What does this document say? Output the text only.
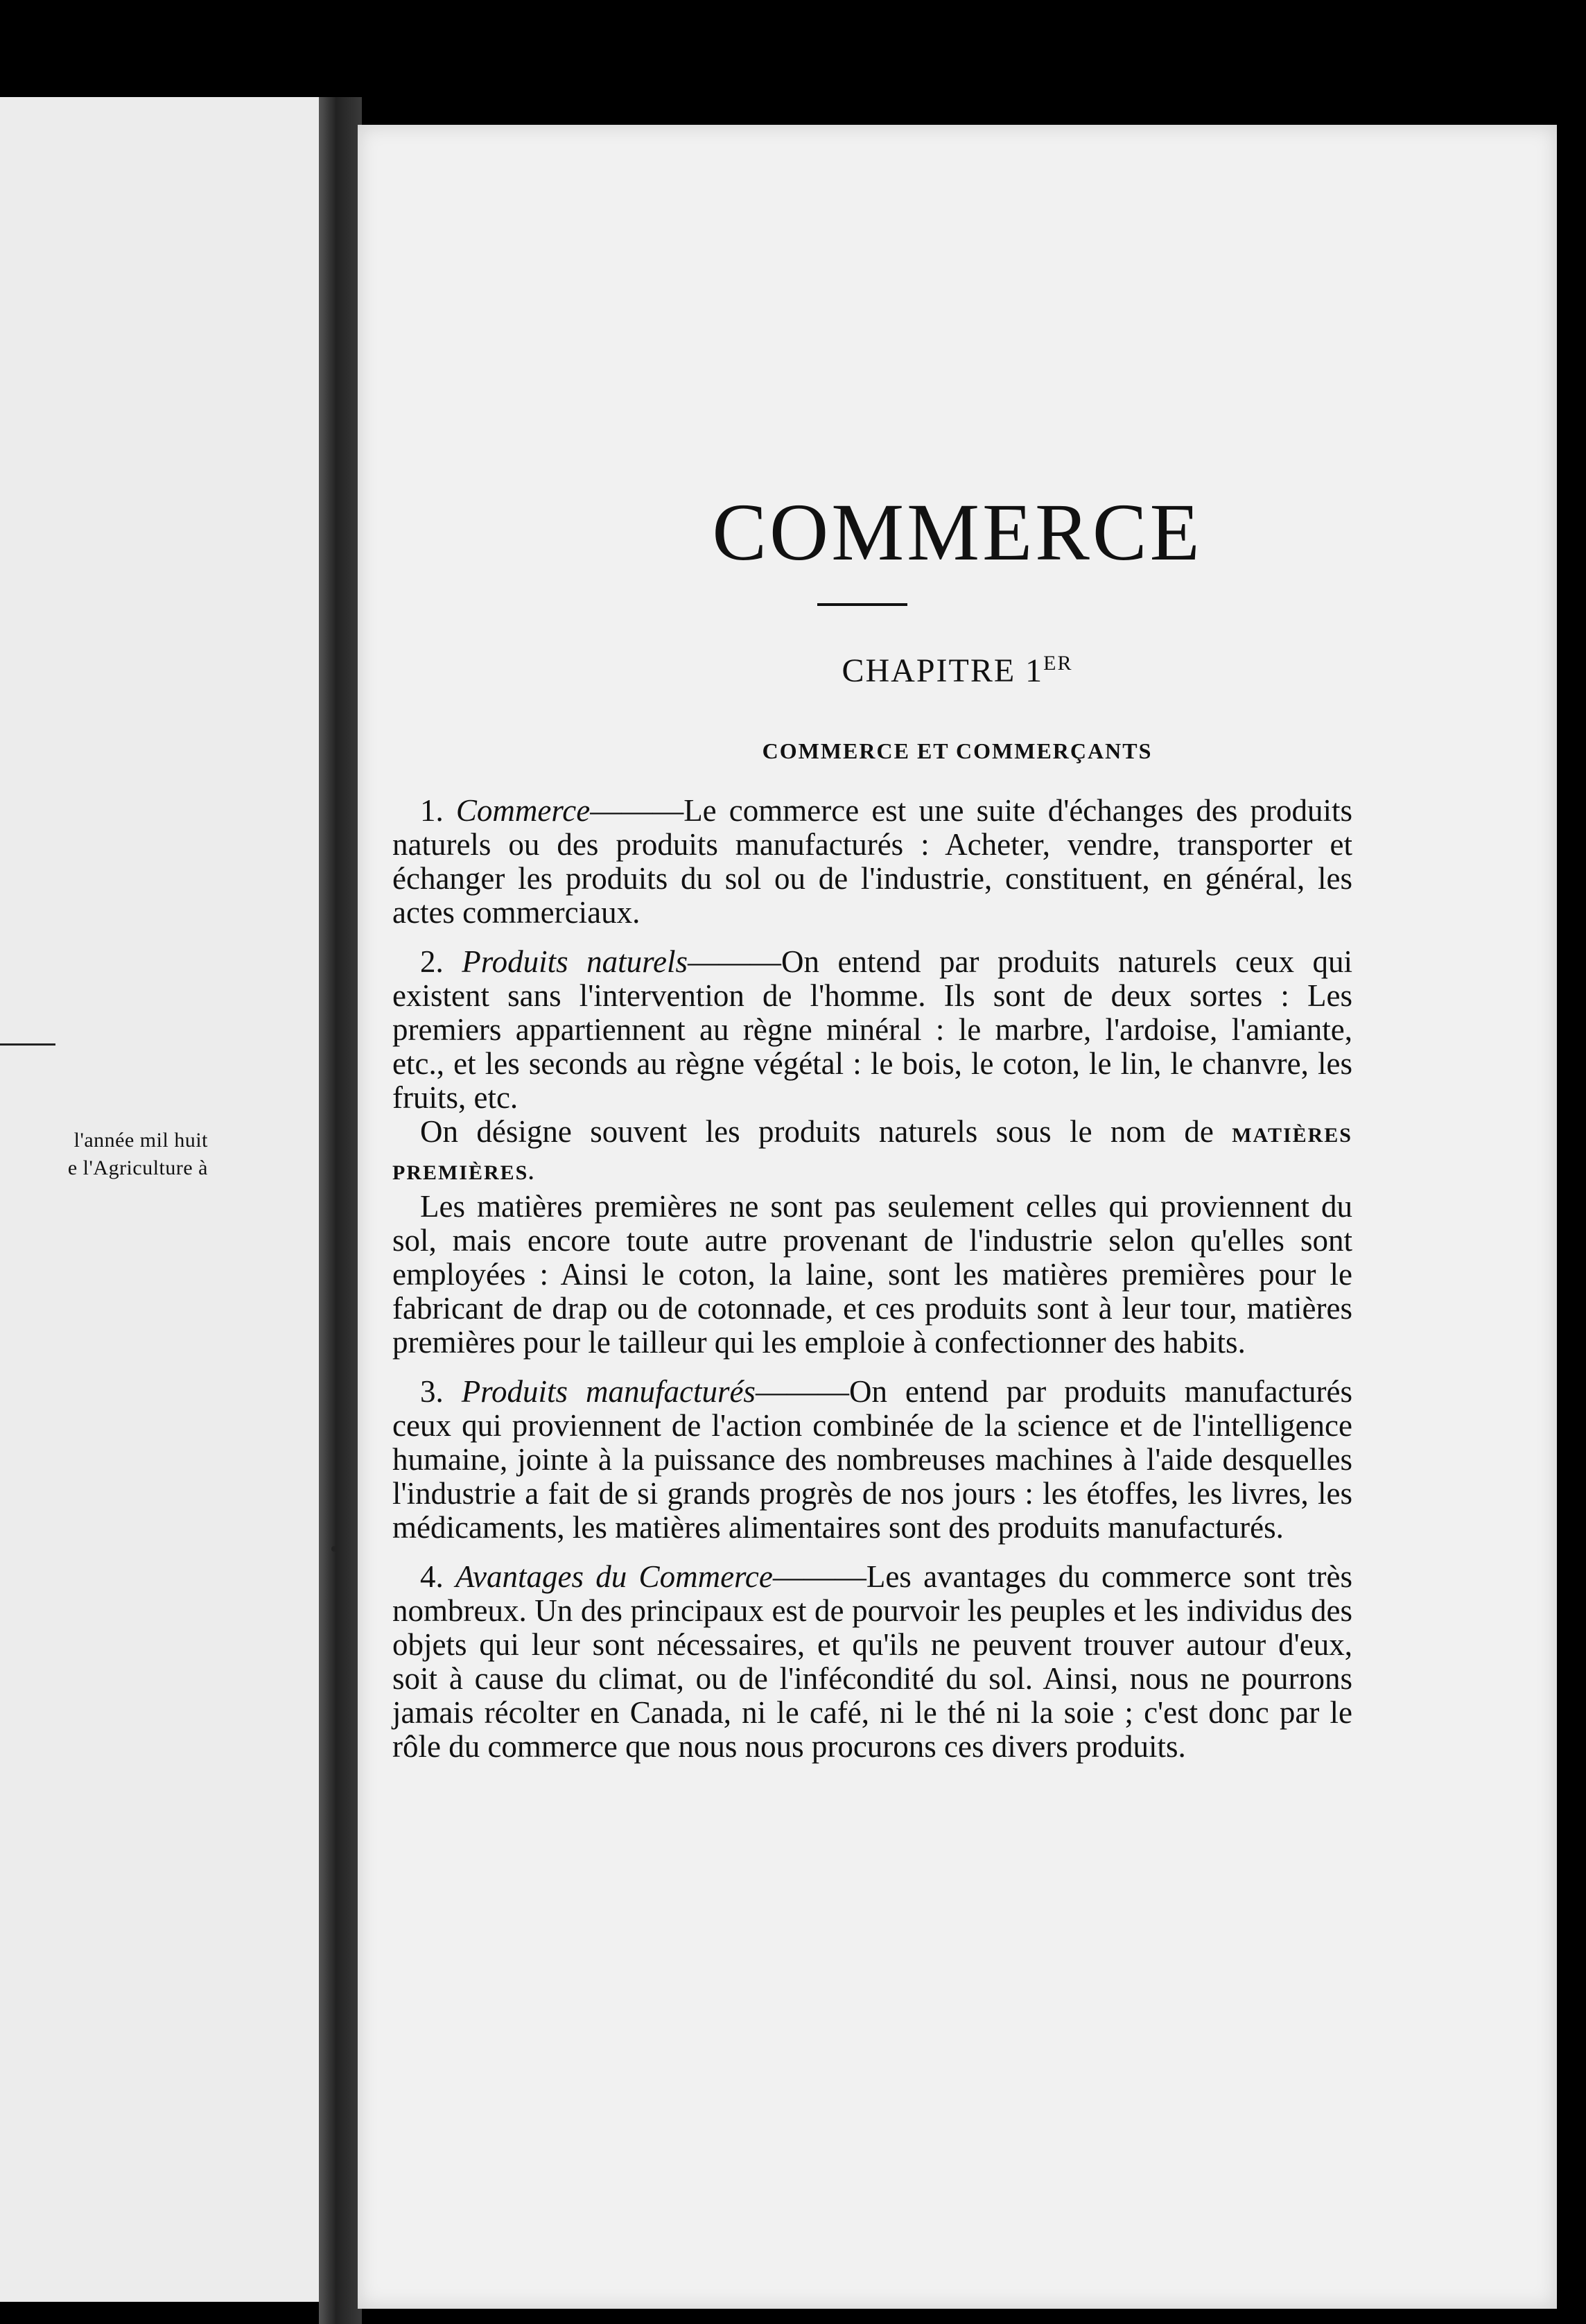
l'année mil huit
e l'Agriculture à
COMMERCE
CHAPITRE 1ER
COMMERCE ET COMMERÇANTS

1. Commerce———Le commerce est une suite d'échanges des produits naturels ou des produits manufacturés : Acheter, vendre, transporter et échanger les produits du sol ou de l'industrie, constituent, en général, les actes commerciaux.

2. Produits naturels———On entend par produits naturels ceux qui existent sans l'intervention de l'homme. Ils sont de deux sortes : Les premiers appartiennent au règne minéral : le marbre, l'ardoise, l'amiante, etc., et les seconds au règne végétal : le bois, le coton, le lin, le chanvre, les fruits, etc.

On désigne souvent les produits naturels sous le nom de MATIÈRES PREMIÈRES.

Les matières premières ne sont pas seulement celles qui proviennent du sol, mais encore toute autre provenant de l'industrie selon qu'elles sont employées : Ainsi le coton, la laine, sont les matières premières pour le fabricant de drap ou de cotonnade, et ces produits sont à leur tour, matières premières pour le tailleur qui les emploie à confectionner des habits.

3. Produits manufacturés———On entend par produits manufacturés ceux qui proviennent de l'action combinée de la science et de l'intelligence humaine, jointe à la puissance des nombreuses machines à l'aide desquelles l'industrie a fait de si grands progrès de nos jours : les étoffes, les livres, les médicaments, les matières alimentaires sont des produits manufacturés.

4. Avantages du Commerce———Les avantages du commerce sont très nombreux. Un des principaux est de pourvoir les peuples et les individus des objets qui leur sont nécessaires, et qu'ils ne peuvent trouver autour d'eux, soit à cause du climat, ou de l'infécondité du sol. Ainsi, nous ne pourrons jamais récolter en Canada, ni le café, ni le thé ni la soie ; c'est donc par le rôle du commerce que nous nous procurons ces divers produits.
